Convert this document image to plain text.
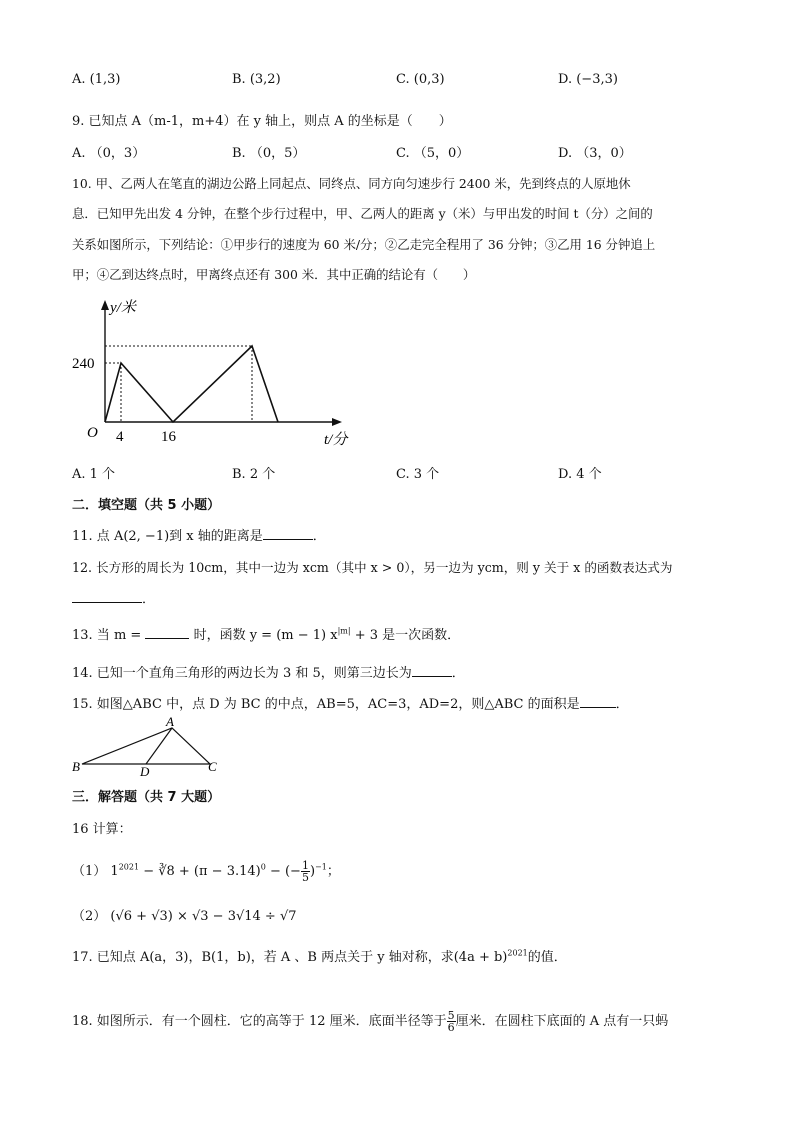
A. (1,3)	B. (3,2)	C. (0,3)	D. (−3,3)
9. 已知点 A（m-1，m+4）在 y 轴上，则点 A 的坐标是（　　）
A. （0，3）	B. （0，5）	C. （5，0）	D. （3，0）
10. 甲、乙两人在笔直的湖边公路上同起点、同终点、同方向匀速步行 2400 米，先到终点的人原地休
息．已知甲先出发 4 分钟，在整个步行过程中，甲、乙两人的距离 y（米）与甲出发的时间 t（分）之间的
关系如图所示，下列结论：①甲步行的速度为 60 米/分；②乙走完全程用了 36 分钟；③乙用 16 分钟追上
甲；④乙到达终点时，甲离终点还有 300 米．其中正确的结论有（　　）
y/米
t/分
O
240
4	16
A. 1 个	B. 2 个	C. 3 个	D. 4 个
二．填空题（共 5 小题）
11. 点 A(2, −1)到 x 轴的距离是	．
12. 长方形的周长为 10cm，其中一边为 xcm（其中 x > 0），另一边为 ycm，则 y 关于 x 的函数表达式为
．
13. 当 m =	时，函数 y = (m − 1) $x^{|m|} + 3$ 是一次函数．
14. 已知一个直角三角形的两边长为 3 和 5，则第三边长为	．
15. 如图△ABC 中，点 D 为 BC 的中点，AB=5，AC=3，AD=2，则△ABC 的面积是	．
A
B	C
D
三．解答题（共 7 大题）
16 计算：
（1） $1^{2021}$ − ∛8 + $(\pi - 3.14)^0$ − (− $\frac{1}{5} )^{-1}$；
（2） (√6 + √3) × √3 − 3√14 ÷ √7
17. 已知点 A(a，3)，B(1，b)，若 A 、B 两点关于 y 轴对称，求$(4a + b)^{2021}$的值．
18. 如图所示．有一个圆柱．它的高等于 12 厘米．底面半径等于 $\frac{5}{6}$ 厘米．在圆柱下底面的 A 点有一只蚂
